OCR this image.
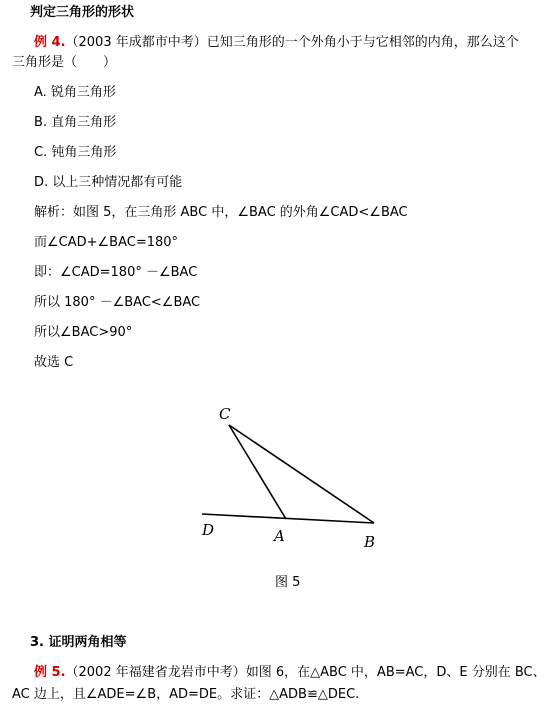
判定三角形的形状
例 4.（2003 年成都市中考）已知三角形的一个外角小于与它相邻的内角，那么这个
三角形是（　　）
A. 锐角三角形
B. 直角三角形
C. 钝角三角形
D. 以上三种情况都有可能
解析：如图 5，在三角形 ABC 中，∠BAC 的外角∠CAD<∠BAC
而∠CAD+∠BAC=180°
即：∠CAD=180° －∠BAC
所以 180° －∠BAC<∠BAC
所以∠BAC>90°
故选 C
C
D	A	B
图 5
3. 证明两角相等
例 5.（2002 年福建省龙岩市中考）如图 6，在△ABC 中，AB=AC，D、E 分别在 BC、
AC 边上，且∠ADE=∠B，AD=DE。求证：△ADB≌△DEC.
